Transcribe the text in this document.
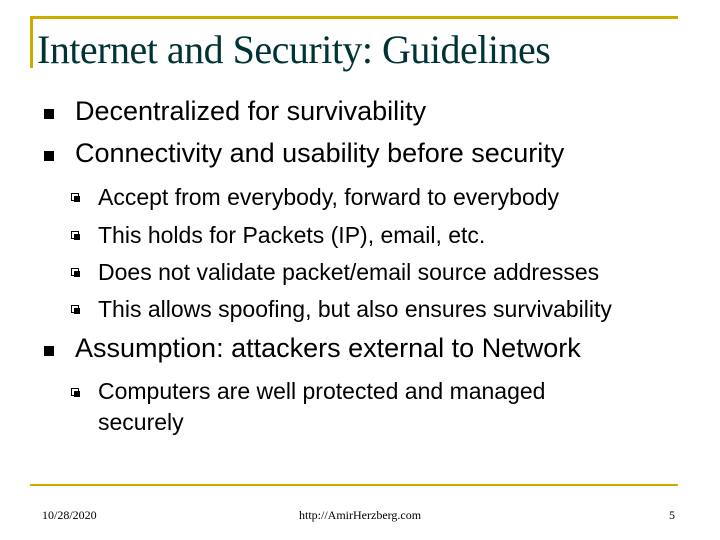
Internet and Security: Guidelines
Decentralized for survivability
Connectivity and usability before security
Accept from everybody, forward to everybody
This holds for Packets (IP), email, etc.
Does not validate packet/email source addresses
This allows spoofing, but also ensures survivability
Assumption: attackers external to Network
Computers are well protected and managed
securely
10/28/2020	http://AmirHerzberg.com	5
